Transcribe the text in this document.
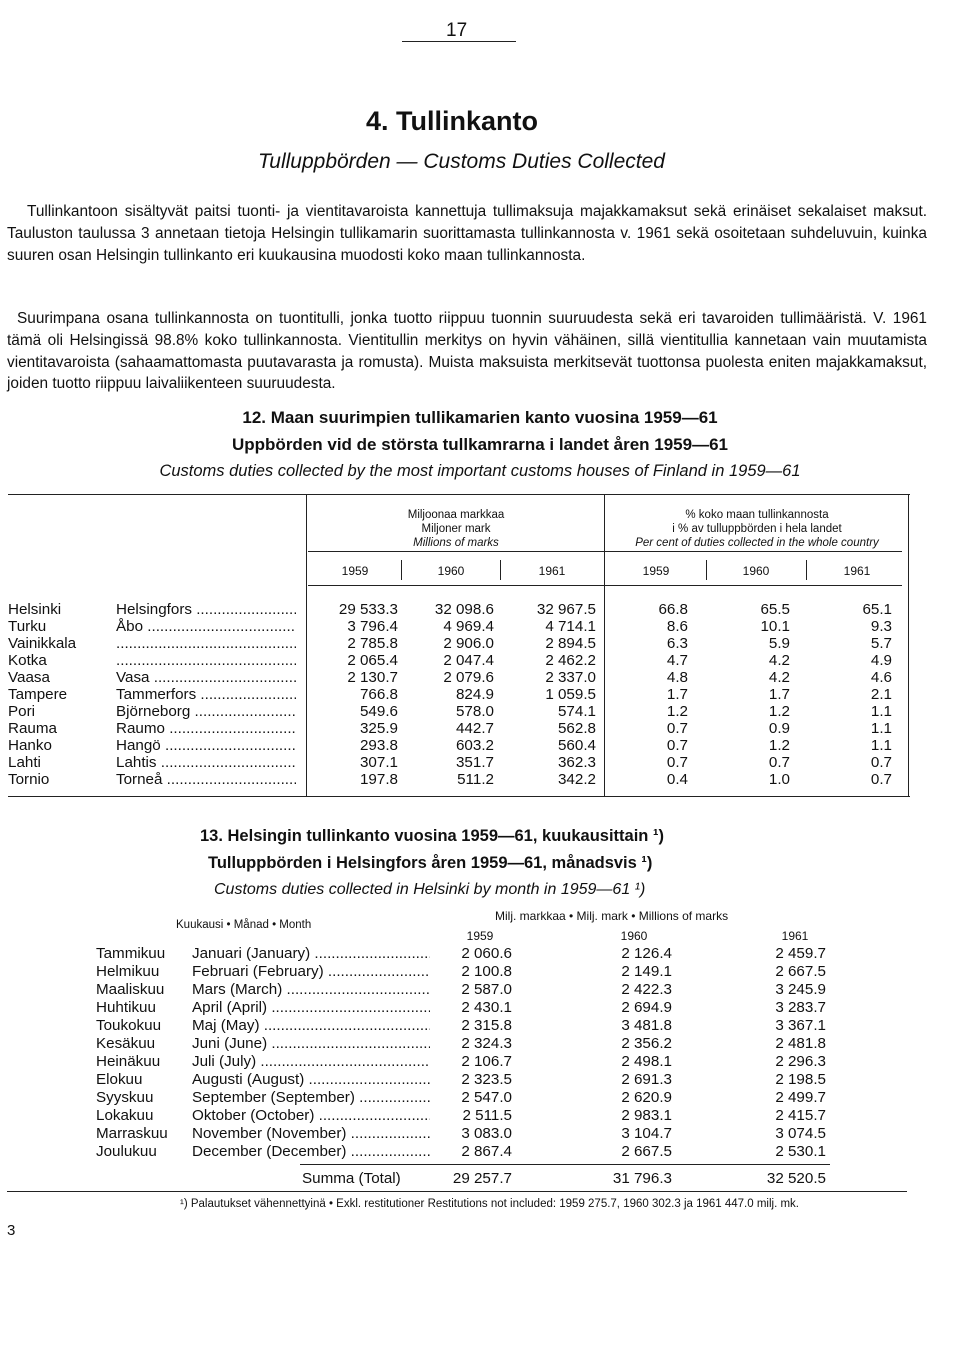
17
4. Tullinkanto
Tulluppbörden — Customs Duties Collected
Tullinkantoon sisältyvät paitsi tuonti- ja vientitavaroista kannettuja tullimaksuja majakkamaksut sekä erinäiset sekalaiset maksut. Tauluston taulussa 3 annetaan tietoja Helsingin tullikamarin suorittamasta tullinkannosta v. 1961 sekä osoitetaan suhdeluvuin, kuinka suuren osan Helsingin tullinkanto eri kuukausina muodosti koko maan tullinkannosta.
Suurimpana osana tullinkannosta on tuontitulli, jonka tuotto riippuu tuonnin suuruudesta sekä eri tavaroiden tullimääristä. V. 1961 tämä oli Helsingissä 98.8% koko tullinkannosta. Vientitullin merkitys on hyvin vähäinen, sillä vientitullia kannetaan vain muutamista vientitavaroista (sahaamattomasta puutavarasta ja romusta). Muista maksuista merkitsevät tuottonsa puolesta eniten majakkamaksut, joiden tuotto riippuu laivaliikenteen suuruudesta.
12. Maan suurimpien tullikamarien kanto vuosina 1959—61
Uppbörden vid de största tullkamrarna i landet åren 1959—61
Customs duties collected by the most important customs houses of Finland in 1959—61
Miljoonaa markkaa
Miljoner mark
Millions of marks
% koko maan tullinkannosta
i % av tulluppbörden i hela landet
Per cent of duties collected in the whole country
1959	1960	1961	1959	1960	1961
Helsinki	Helsingfors .....	29 533.3	32 098.6	32 967.5	66.8	65.5	65.1
Turku	Åbo .....	3 796.4	4 969.4	4 714.1	8.6	10.1	9.3
Vainikkala .....	2 785.8	2 906.0	2 894.5	6.3	5.9	5.7
Kotka .....	2 065.4	2 047.4	2 462.2	4.7	4.2	4.9
Vaasa	Vasa .....	2 130.7	2 079.6	2 337.0	4.8	4.2	4.6
Tampere	Tammerfors .....	766.8	824.9	1 059.5	1.7	1.7	2.1
Pori	Björneborg .....	549.6	578.0	574.1	1.2	1.2	1.1
Rauma	Raumo .....	325.9	442.7	562.8	0.7	0.9	1.1
Hanko	Hangö .....	293.8	603.2	560.4	0.7	1.2	1.1
Lahti	Lahtis .....	307.1	351.7	362.3	0.7	0.7	0.7
Tornio	Torneå .....	197.8	511.2	342.2	0.4	1.0	0.7
13. Helsingin tullinkanto vuosina 1959—61, kuukausittain ¹)
Tulluppbörden i Helsingfors åren 1959—61, månadsvis ¹)
Customs duties collected in Helsinki by month in 1959—61 ¹)
Milj. markkaa • Milj. mark • Millions of marks
Kuukausi • Månad • Month
1959	1960	1961
Tammikuu Januari (January) .....	2 060.6	2 126.4	2 459.7
Helmikuu Februari (February) .....	2 100.8	2 149.1	2 667.5
Maaliskuu Mars (March) .....	2 587.0	2 422.3	3 245.9
Huhtikuu April (April) .....	2 430.1	2 694.9	3 283.7
Toukokuu Maj (May) .....	2 315.8	3 481.8	3 367.1
Kesäkuu Juni (June) .....	2 324.3	2 356.2	2 481.8
Heinäkuu Juli (July) .....	2 106.7	2 498.1	2 296.3
Elokuu	Augusti (August) .....	2 323.5	2 691.3	2 198.5
Syyskuu	September (September) .....	2 547.0	2 620.9	2 499.7
Lokakuu	Oktober (October) .....	2 511.5	2 983.1	2 415.7
Marraskuu November (November) .....	3 083.0	3 104.7	3 074.5
Joulukuu December (December) .....	2 867.4	2 667.5	2 530.1
Summa (Total)	29 257.7	31 796.3	32 520.5
¹) Palautukset vähennettyinä • Exkl. restitutioner Restitutions not included: 1959 275.7, 1960 302.3 ja 1961 447.0 milj. mk.
3
